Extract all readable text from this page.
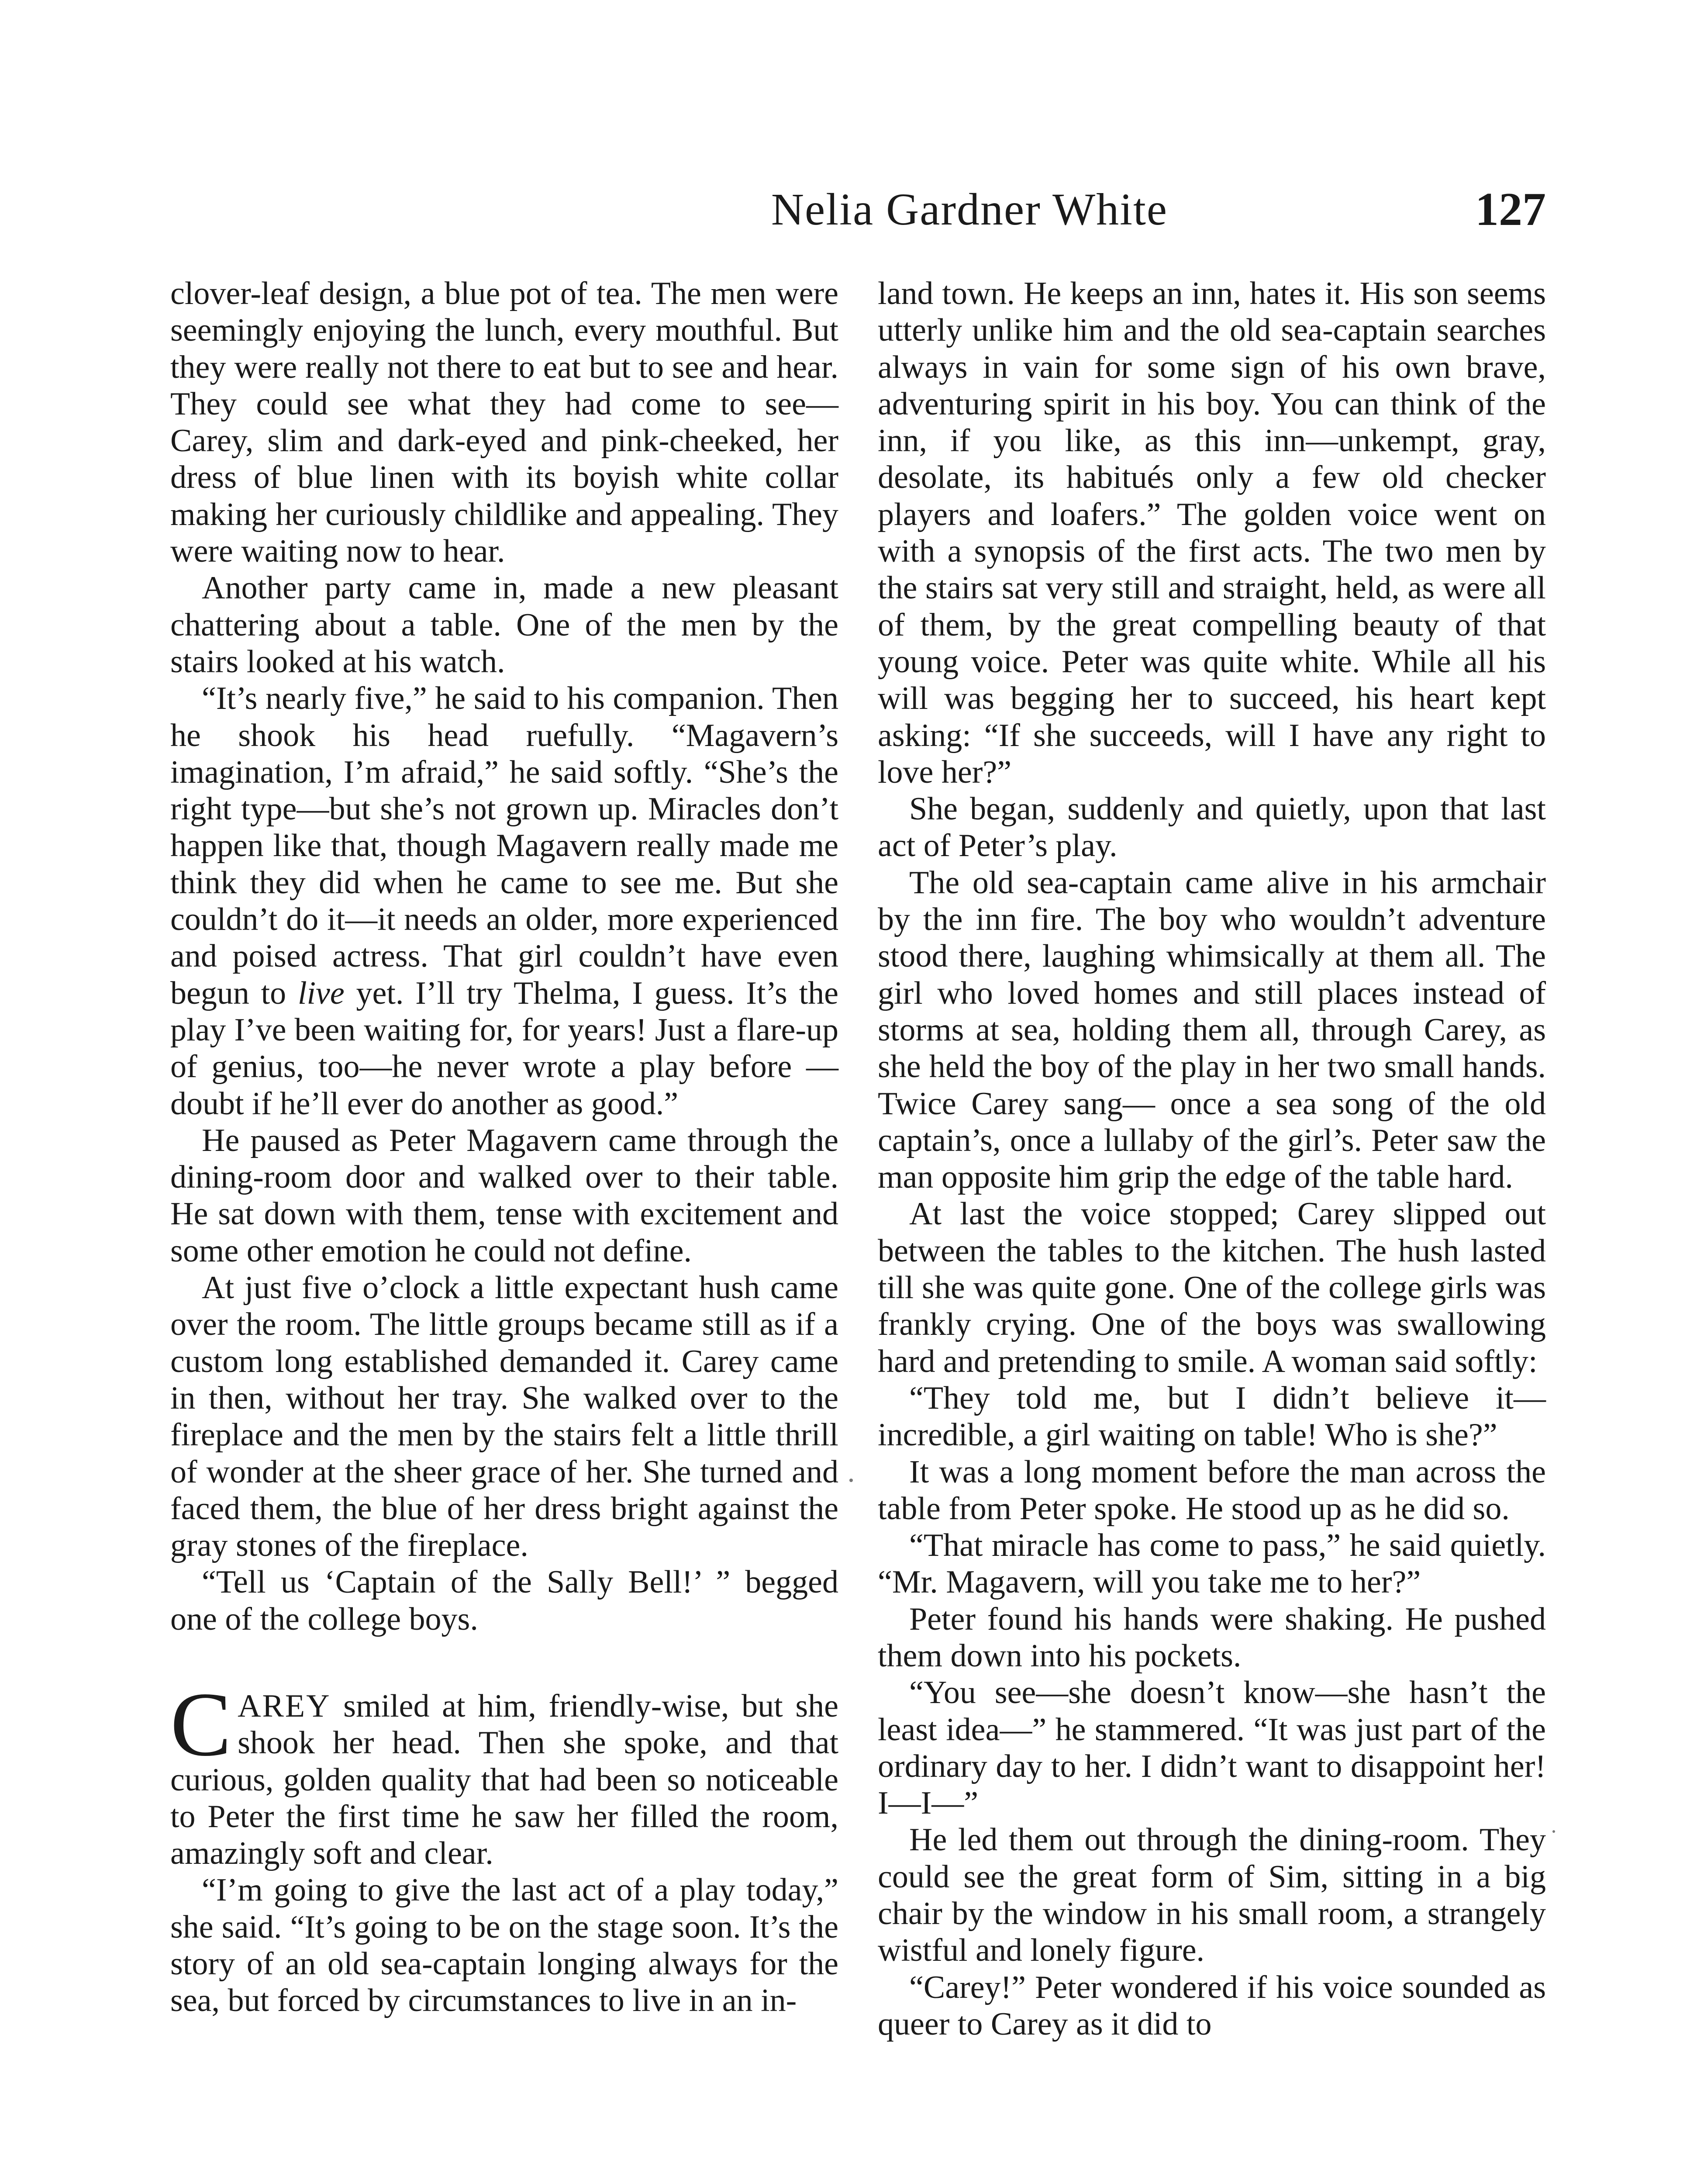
Nelia Gardner White	127

clover-leaf design, a blue pot of tea. The men were seemingly enjoying the lunch, every mouthful. But they were really not there to eat but to see and hear. They could see what they had come to see— Carey, slim and dark-eyed and pink-cheeked, her dress of blue linen with its boyish white collar making her curiously childlike and appealing. They were waiting now to hear.

Another party came in, made a new pleasant chattering about a table. One of the men by the stairs looked at his watch.

“It’s nearly five,” he said to his companion. Then he shook his head ruefully. “Magavern’s imagination, I’m afraid,” he said softly. “She’s the right type—but she’s not grown up. Miracles don’t happen like that, though Magavern really made me think they did when he came to see me. But she couldn’t do it—it needs an older, more experienced and poised actress. That girl couldn’t have even begun to live yet. I’ll try Thelma, I guess. It’s the play I’ve been waiting for, for years! Just a flare-up of genius, too—he never wrote a play before —doubt if he’ll ever do another as good.”

He paused as Peter Magavern came through the dining-room door and walked over to their table. He sat down with them, tense with excitement and some other emotion he could not define.

At just five o’clock a little expectant hush came over the room. The little groups became still as if a custom long established demanded it. Carey came in then, without her tray. She walked over to the fireplace and the men by the stairs felt a little thrill of wonder at the sheer grace of her. She turned and faced them, the blue of her dress bright against the gray stones of the fireplace.

“Tell us ‘Captain of the Sally Bell!’ ” begged one of the college boys.

CAREY smiled at him, friendly-wise, but she shook her head. Then she spoke, and that curious, golden quality that had been so noticeable to Peter the first time he saw her filled the room, amazingly soft and clear.

“I’m going to give the last act of a play today,” she said. “It’s going to be on the stage soon. It’s the story of an old sea-captain longing always for the sea, but forced by circumstances to live in an in-

land town. He keeps an inn, hates it. His son seems utterly unlike him and the old sea-captain searches always in vain for some sign of his own brave, adventuring spirit in his boy. You can think of the inn, if you like, as this inn—unkempt, gray, desolate, its habitués only a few old checker players and loafers.” The golden voice went on with a synopsis of the first acts. The two men by the stairs sat very still and straight, held, as were all of them, by the great compelling beauty of that young voice. Peter was quite white. While all his will was begging her to succeed, his heart kept asking: “If she succeeds, will I have any right to love her?”

She began, suddenly and quietly, upon that last act of Peter’s play.

The old sea-captain came alive in his armchair by the inn fire. The boy who wouldn’t adventure stood there, laughing whimsically at them all. The girl who loved homes and still places instead of storms at sea, holding them all, through Carey, as she held the boy of the play in her two small hands. Twice Carey sang— once a sea song of the old captain’s, once a lullaby of the girl’s. Peter saw the man opposite him grip the edge of the table hard.

At last the voice stopped; Carey slipped out between the tables to the kitchen. The hush lasted till she was quite gone. One of the college girls was frankly crying. One of the boys was swallowing hard and pretending to smile. A woman said softly:

“They told me, but I didn’t believe it— incredible, a girl waiting on table! Who is she?”

It was a long moment before the man across the table from Peter spoke. He stood up as he did so.

“That miracle has come to pass,” he said quietly. “Mr. Magavern, will you take me to her?”

Peter found his hands were shaking. He pushed them down into his pockets.

“You see—she doesn’t know—she hasn’t the least idea—” he stammered. “It was just part of the ordinary day to her. I didn’t want to disappoint her! I—I—”

He led them out through the dining-room. They could see the great form of Sim, sitting in a big chair by the window in his small room, a strangely wistful and lonely figure.

“Carey!” Peter wondered if his voice sounded as queer to Carey as it did to
